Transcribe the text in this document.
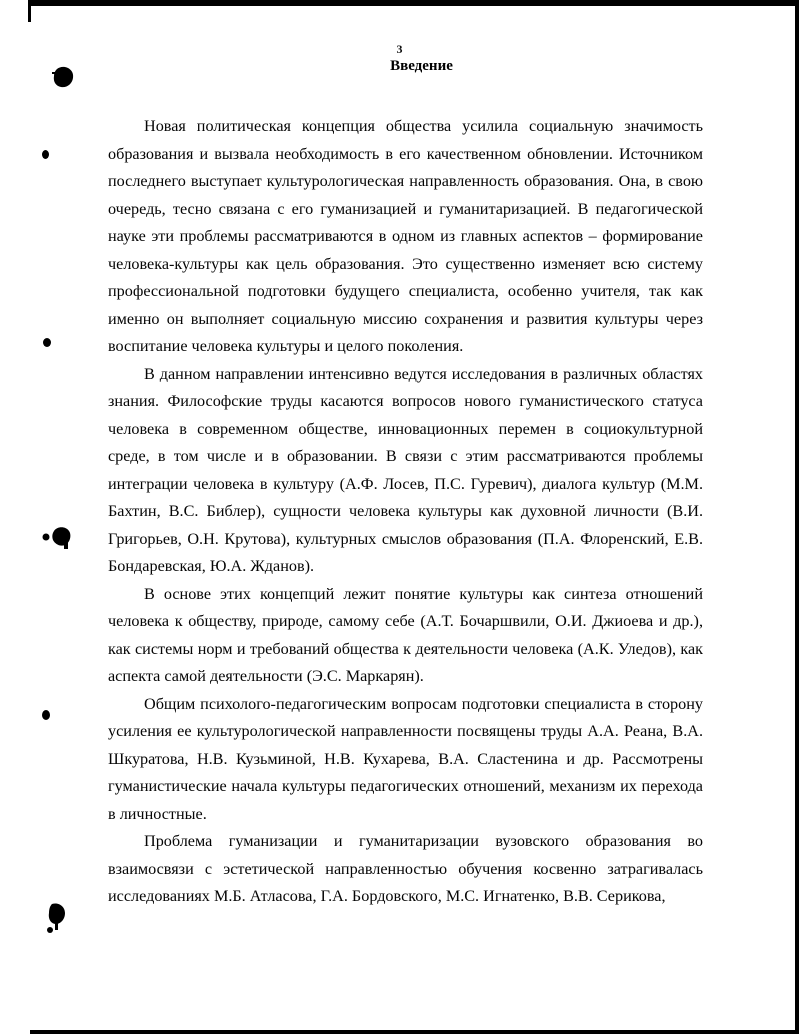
3
Введение

Новая политическая концепция общества усилила социальную значимость образования и вызвала необходимость в его качественном обновлении. Источником последнего выступает культурологическая направленность образования. Она, в свою очередь, тесно связана с его гуманизацией и гуманитаризацией. В педагогической науке эти проблемы рассматриваются в одном из главных аспектов – формирование человека-культуры как цель образования. Это существенно изменяет всю систему профессиональной подготовки будущего специалиста, особенно учителя, так как именно он выполняет социальную миссию сохранения и развития культуры через воспитание человека культуры и целого поколения.

В данном направлении интенсивно ведутся исследования в различных областях знания. Философские труды касаются вопросов нового гуманистического статуса человека в современном обществе, инновационных перемен в социокультурной среде, в том числе и в образовании. В связи с этим рассматриваются проблемы интеграции человека в культуру (А.Ф. Лосев, П.С. Гуревич), диалога культур (М.М. Бахтин, В.С. Библер), сущности человека культуры как духовной личности (В.И. Григорьев, О.Н. Крутова), культурных смыслов образования (П.А. Флоренский, Е.В. Бондаревская, Ю.А. Жданов).

В основе этих концепций лежит понятие культуры как синтеза отношений человека к обществу, природе, самому себе (А.Т. Бочаршвили, О.И. Джиоева и др.), как системы норм и требований общества к деятельности человека (А.К. Уледов), как аспекта самой деятельности (Э.С. Маркарян).

Общим психолого-педагогическим вопросам подготовки специалиста в сторону усиления ее культурологической направленности посвящены труды А.А. Реана, В.А. Шкуратова, Н.В. Кузьминой, Н.В. Кухарева, В.А. Сластенина и др. Рассмотрены гуманистические начала культуры педагогических отношений, механизм их перехода в личностные.

Проблема гуманизации и гуманитаризации вузовского образования во взаимосвязи с эстетической направленностью обучения косвенно затрагивалась исследованиях М.Б. Атласова, Г.А. Бордовского, М.С. Игнатенко, В.В. Серикова,
